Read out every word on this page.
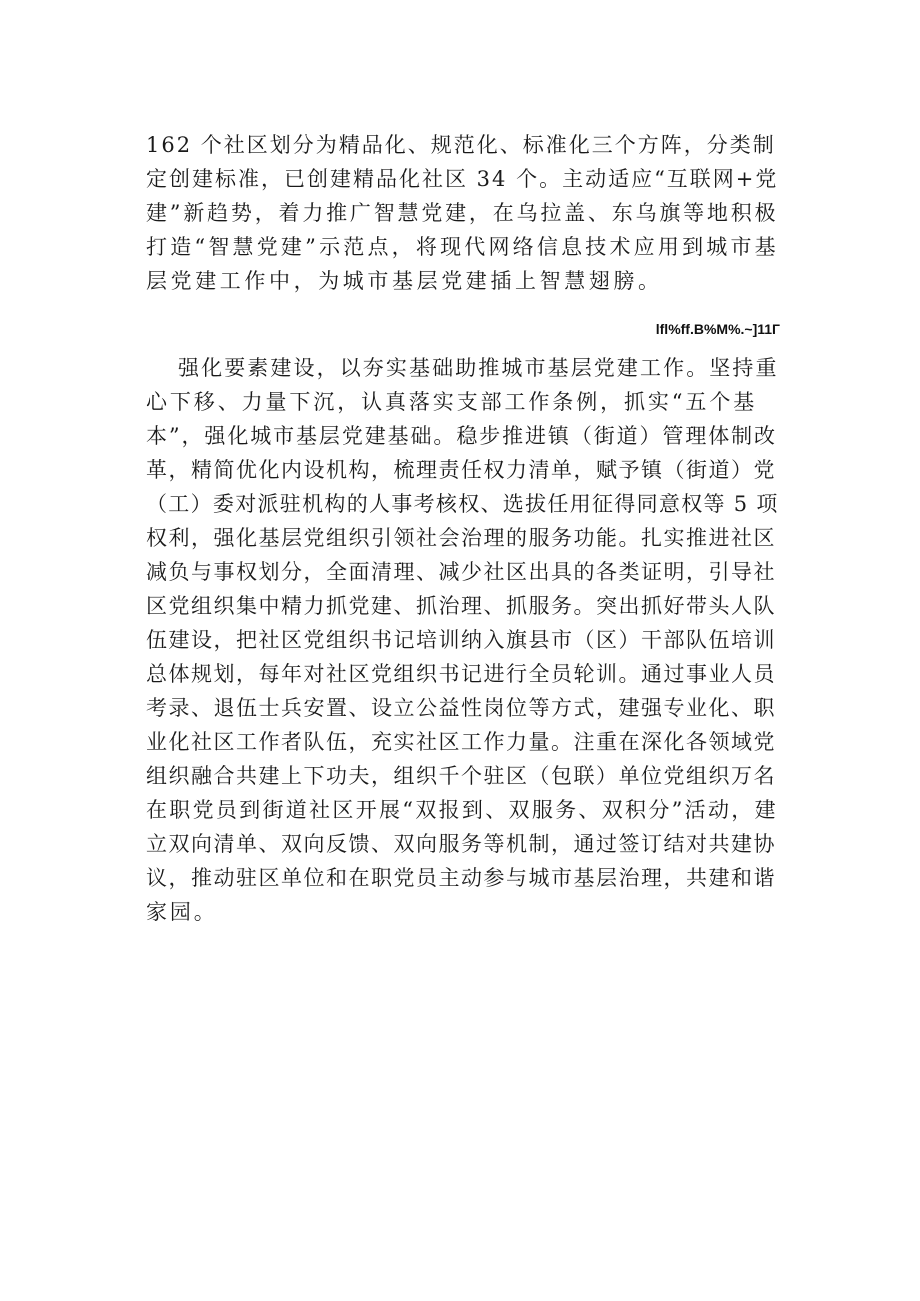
162 个社区划分为精品化、规范化、标准化三个方阵，分类制
定创建标准，已创建精品化社区 34 个。主动适应“互联网+党
建”新趋势，着力推广智慧党建，在乌拉盖、东乌旗等地积极
打造“智慧党建”示范点，将现代网络信息技术应用到城市基
层党建工作中，为城市基层党建插上智慧翅膀。
lfl%ff.B%M%.~]11Г
强化要素建设，以夯实基础助推城市基层党建工作。坚持重
心下移、力量下沉，认真落实支部工作条例，抓实“五个基
本”，强化城市基层党建基础。稳步推进镇（街道）管理体制改
革，精简优化内设机构，梳理责任权力清单，赋予镇（街道）党
（工）委对派驻机构的人事考核权、选拔任用征得同意权等 5 项
权利，强化基层党组织引领社会治理的服务功能。扎实推进社区
减负与事权划分，全面清理、减少社区出具的各类证明，引导社
区党组织集中精力抓党建、抓治理、抓服务。突出抓好带头人队
伍建设，把社区党组织书记培训纳入旗县市（区）干部队伍培训
总体规划，每年对社区党组织书记进行全员轮训。通过事业人员
考录、退伍士兵安置、设立公益性岗位等方式，建强专业化、职
业化社区工作者队伍，充实社区工作力量。注重在深化各领域党
组织融合共建上下功夫，组织千个驻区（包联）单位党组织万名
在职党员到街道社区开展“双报到、双服务、双积分”活动，建
立双向清单、双向反馈、双向服务等机制，通过签订结对共建协
议，推动驻区单位和在职党员主动参与城市基层治理，共建和谐
家园。
